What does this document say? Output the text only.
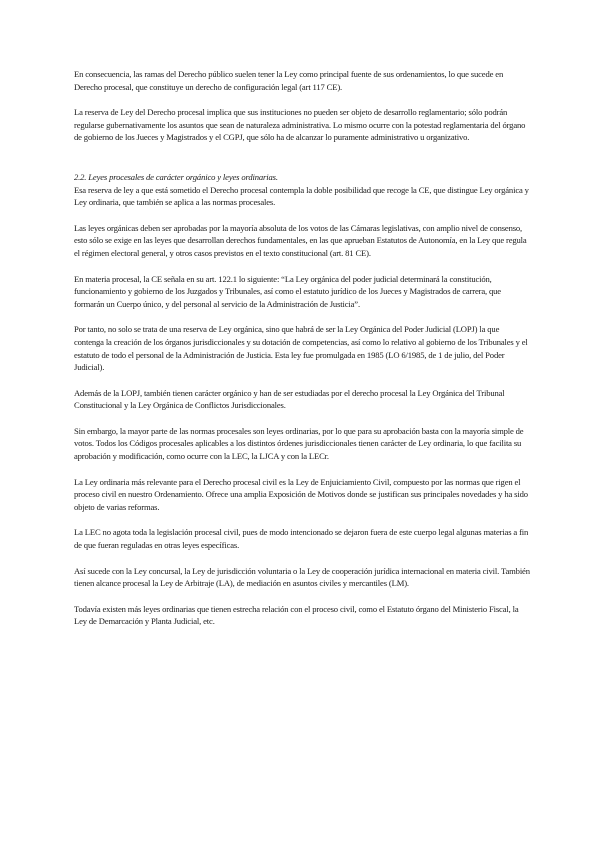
En consecuencia, las ramas del Derecho público suelen tener la Ley como principal fuente de sus ordenamientos, lo que sucede en Derecho procesal, que constituye un derecho de configuración legal (art 117 CE).

La reserva de Ley del Derecho procesal implica que sus instituciones no pueden ser objeto de desarrollo reglamentario; sólo podrán regularse gubernativamente los asuntos que sean de naturaleza administrativa. Lo mismo ocurre con la potestad reglamentaria del órgano de gobierno de los Jueces y Magistrados y el CGPJ, que sólo ha de alcanzar lo puramente administrativo u organizativo.

2.2. Leyes procesales de carácter orgánico y leyes ordinarias.

Esa reserva de ley a que está sometido el Derecho procesal contempla la doble posibilidad que recoge la CE, que distingue Ley orgánica y Ley ordinaria, que también se aplica a las normas procesales.

Las leyes orgánicas deben ser aprobadas por la mayoría absoluta de los votos de las Cámaras legislativas, con amplio nivel de consenso, esto sólo se exige en las leyes que desarrollan derechos fundamentales, en las que aprueban Estatutos de Autonomía, en la Ley que regula el régimen electoral general, y otros casos previstos en el texto constitucional (art. 81 CE).

En materia procesal, la CE señala en su art. 122.1 lo siguiente: “La Ley orgánica del poder judicial determinará la constitución, funcionamiento y gobierno de los Juzgados y Tribunales, así como el estatuto jurídico de los Jueces y Magistrados de carrera, que formarán un Cuerpo único, y del personal al servicio de la Administración de Justicia”.

Por tanto, no solo se trata de una reserva de Ley orgánica, sino que habrá de ser la Ley Orgánica del Poder Judicial (LOPJ) la que contenga la creación de los órganos jurisdiccionales y su dotación de competencias, así como lo relativo al gobierno de los Tribunales y el estatuto de todo el personal de la Administración de Justicia. Esta ley fue promulgada en 1985 (LO 6/1985, de 1 de julio, del Poder Judicial).

Además de la LOPJ, también tienen carácter orgánico y han de ser estudiadas por el derecho procesal la Ley Orgánica del Tribunal Constitucional y la Ley Orgánica de Conflictos Jurisdiccionales.

Sin embargo, la mayor parte de las normas procesales son leyes ordinarias, por lo que para su aprobación basta con la mayoría simple de votos. Todos los Códigos procesales aplicables a los distintos órdenes jurisdiccionales tienen carácter de Ley ordinaria, lo que facilita su aprobación y modificación, como ocurre con la LEC, la LJCA y con la LECr.

La Ley ordinaria más relevante para el Derecho procesal civil es la Ley de Enjuiciamiento Civil, compuesto por las normas que rigen el proceso civil en nuestro Ordenamiento. Ofrece una amplia Exposición de Motivos donde se justifican sus principales novedades y ha sido objeto de varias reformas.

La LEC no agota toda la legislación procesal civil, pues de modo intencionado se dejaron fuera de este cuerpo legal algunas materias a fin de que fueran reguladas en otras leyes específicas.

Así sucede con la Ley concursal, la Ley de jurisdicción voluntaria o la Ley de cooperación jurídica internacional en materia civil. También tienen alcance procesal la Ley de Arbitraje (LA), de mediación en asuntos civiles y mercantiles (LM).

Todavía existen más leyes ordinarias que tienen estrecha relación con el proceso civil, como el Estatuto órgano del Ministerio Fiscal, la Ley de Demarcación y Planta Judicial, etc.
